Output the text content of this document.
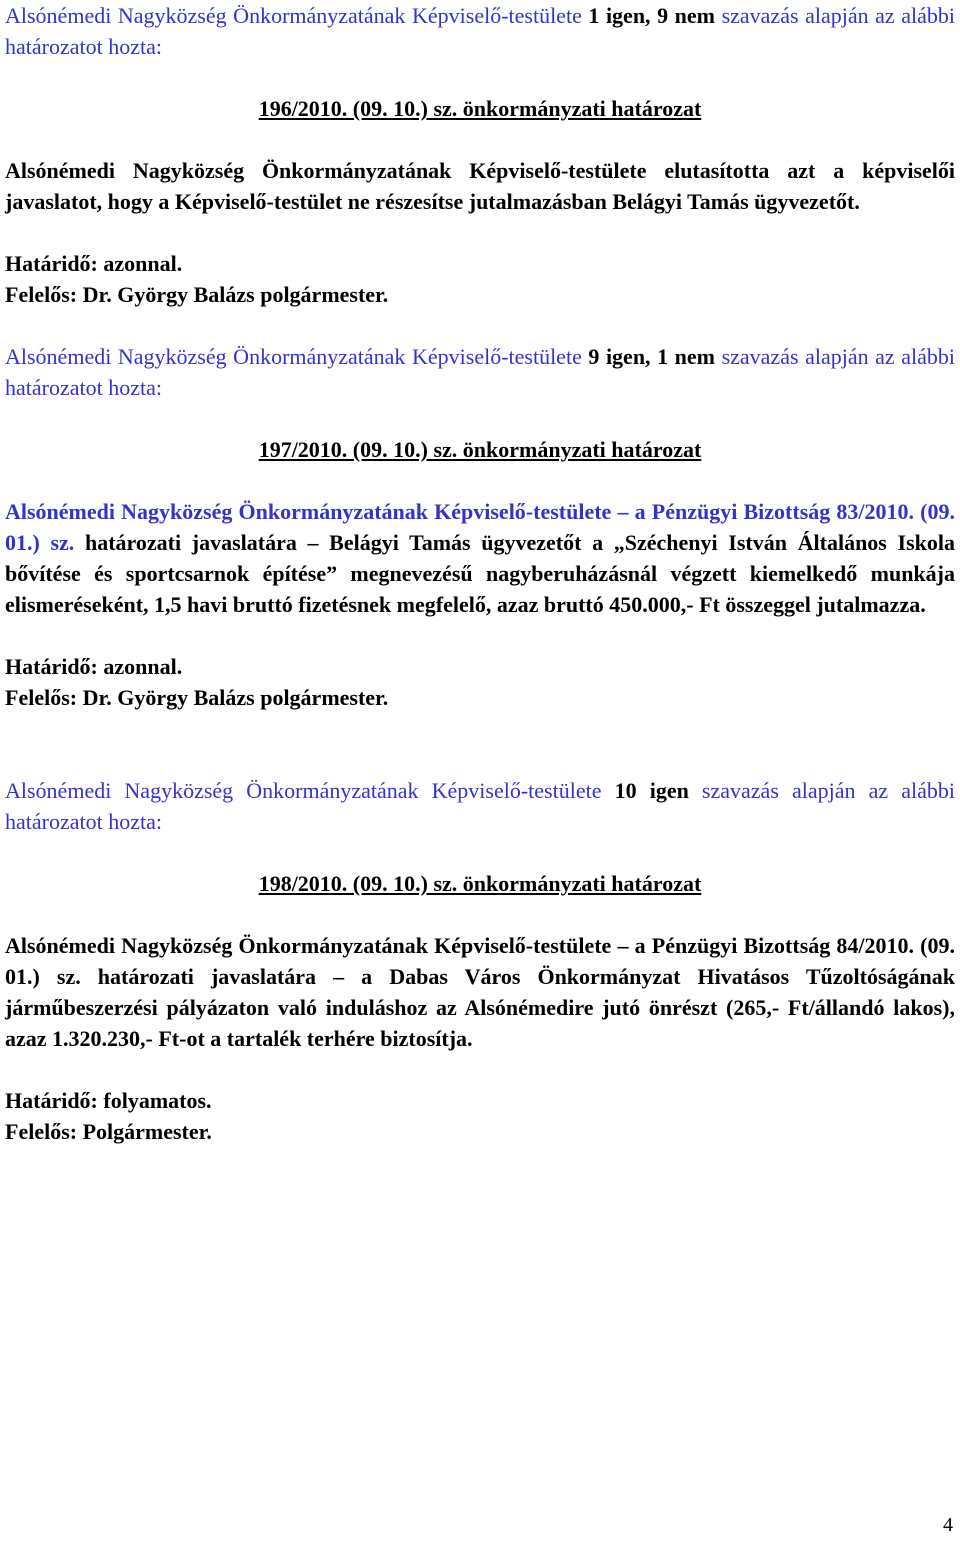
Alsónémedi Nagyközség Önkormányzatának Képviselő-testülete 1 igen, 9 nem szavazás alapján az alábbi határozatot hozta:

196/2010. (09. 10.) sz. önkormányzati határozat

Alsónémedi Nagyközség Önkormányzatának Képviselő-testülete elutasította azt a képviselői javaslatot, hogy a Képviselő-testület ne részesítse jutalmazásban Belágyi Tamás ügyvezetőt.

Határidő: azonnal.

Felelős: Dr. György Balázs polgármester.

Alsónémedi Nagyközség Önkormányzatának Képviselő-testülete 9 igen, 1 nem szavazás alapján az alábbi határozatot hozta:

197/2010. (09. 10.) sz. önkormányzati határozat

Alsónémedi Nagyközség Önkormányzatának Képviselő-testülete – a Pénzügyi Bizottság 83/2010. (09. 01.) sz. határozati javaslatára – Belágyi Tamás ügyvezetőt a „Széchenyi István Általános Iskola bővítése és sportcsarnok építése” megnevezésű nagyberuházásnál végzett kiemelkedő munkája elismeréseként, 1,5 havi bruttó fizetésnek megfelelő, azaz bruttó 450.000,- Ft összeggel jutalmazza.

Határidő: azonnal.

Felelős: Dr. György Balázs polgármester.

Alsónémedi Nagyközség Önkormányzatának Képviselő-testülete 10 igen szavazás alapján az alábbi határozatot hozta:

198/2010. (09. 10.) sz. önkormányzati határozat

Alsónémedi Nagyközség Önkormányzatának Képviselő-testülete – a Pénzügyi Bizottság 84/2010. (09. 01.) sz. határozati javaslatára – a Dabas Város Önkormányzat Hivatásos Tűzoltóságának járműbeszerzési pályázaton való induláshoz az Alsónémedire jutó önrészt (265,- Ft/állandó lakos), azaz 1.320.230,- Ft-ot a tartalék terhére biztosítja.

Határidő: folyamatos.

Felelős: Polgármester.

4
